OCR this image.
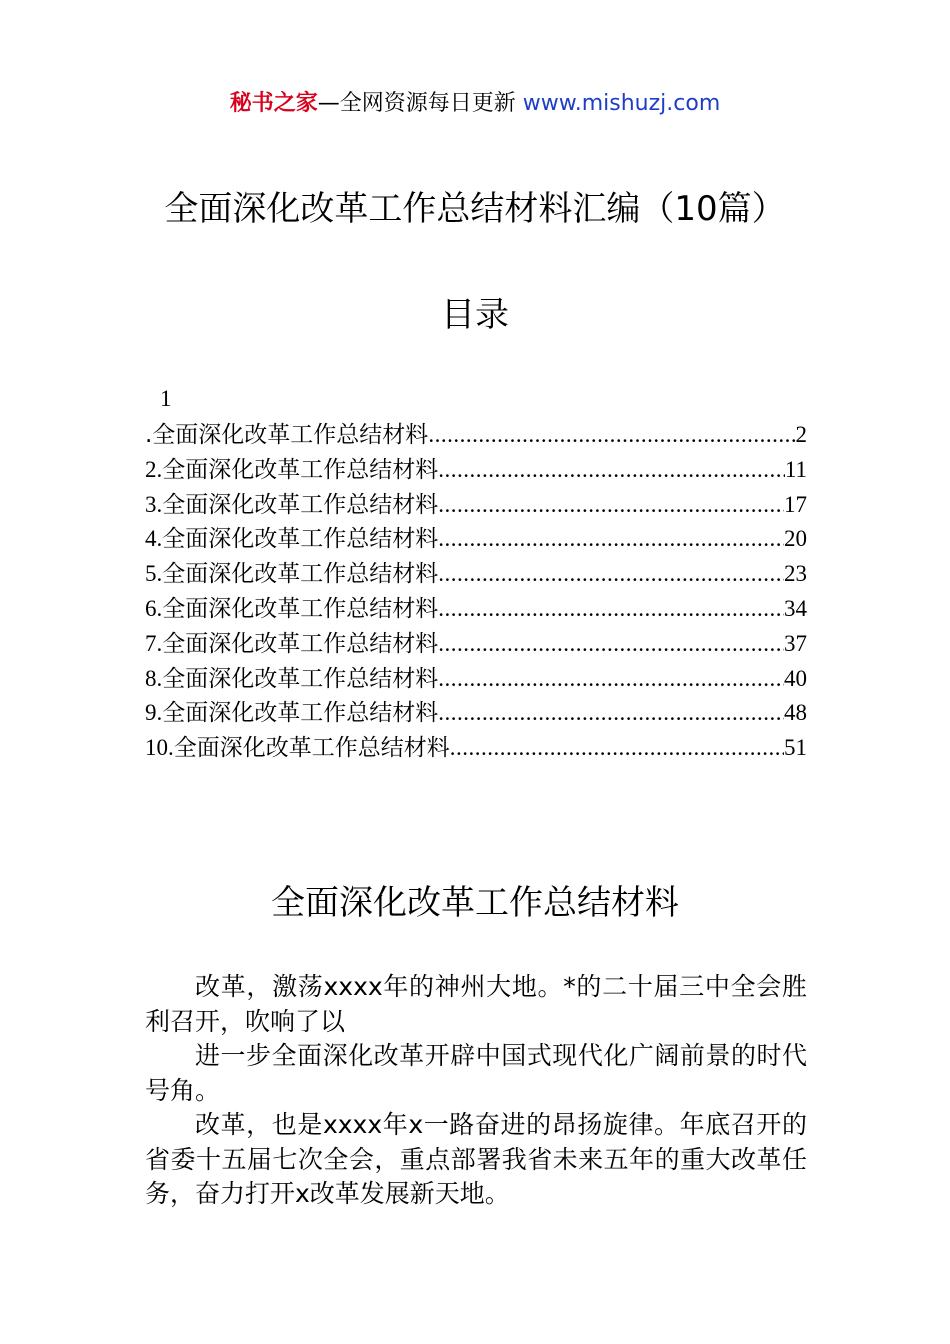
秘书之家—全网资源每日更新 www.mishuzj.com
全面深化改革工作总结材料汇编（10篇）
目录
1
.全面深化改革工作总结材料 .....	2
2.全面深化改革工作总结材料 .....	11
3.全面深化改革工作总结材料 .....	17
4.全面深化改革工作总结材料 .....	20
5.全面深化改革工作总结材料 .....	23
6.全面深化改革工作总结材料 .....	34
7.全面深化改革工作总结材料 .....	37
8.全面深化改革工作总结材料 .....	40
9.全面深化改革工作总结材料 .....	48
10.全面深化改革工作总结材料 .....	51
全面深化改革工作总结材料

改革，激荡xxxx年的神州大地。*的二十届三中全会胜利召开，吹响了以

进一步全面深化改革开辟中国式现代化广阔前景的时代号角。

改革，也是xxxx年x一路奋进的昂扬旋律。年底召开的省委十五届七次全会，重点部署我省未来五年的重大改革任务，奋力打开x改革发展新天地。
